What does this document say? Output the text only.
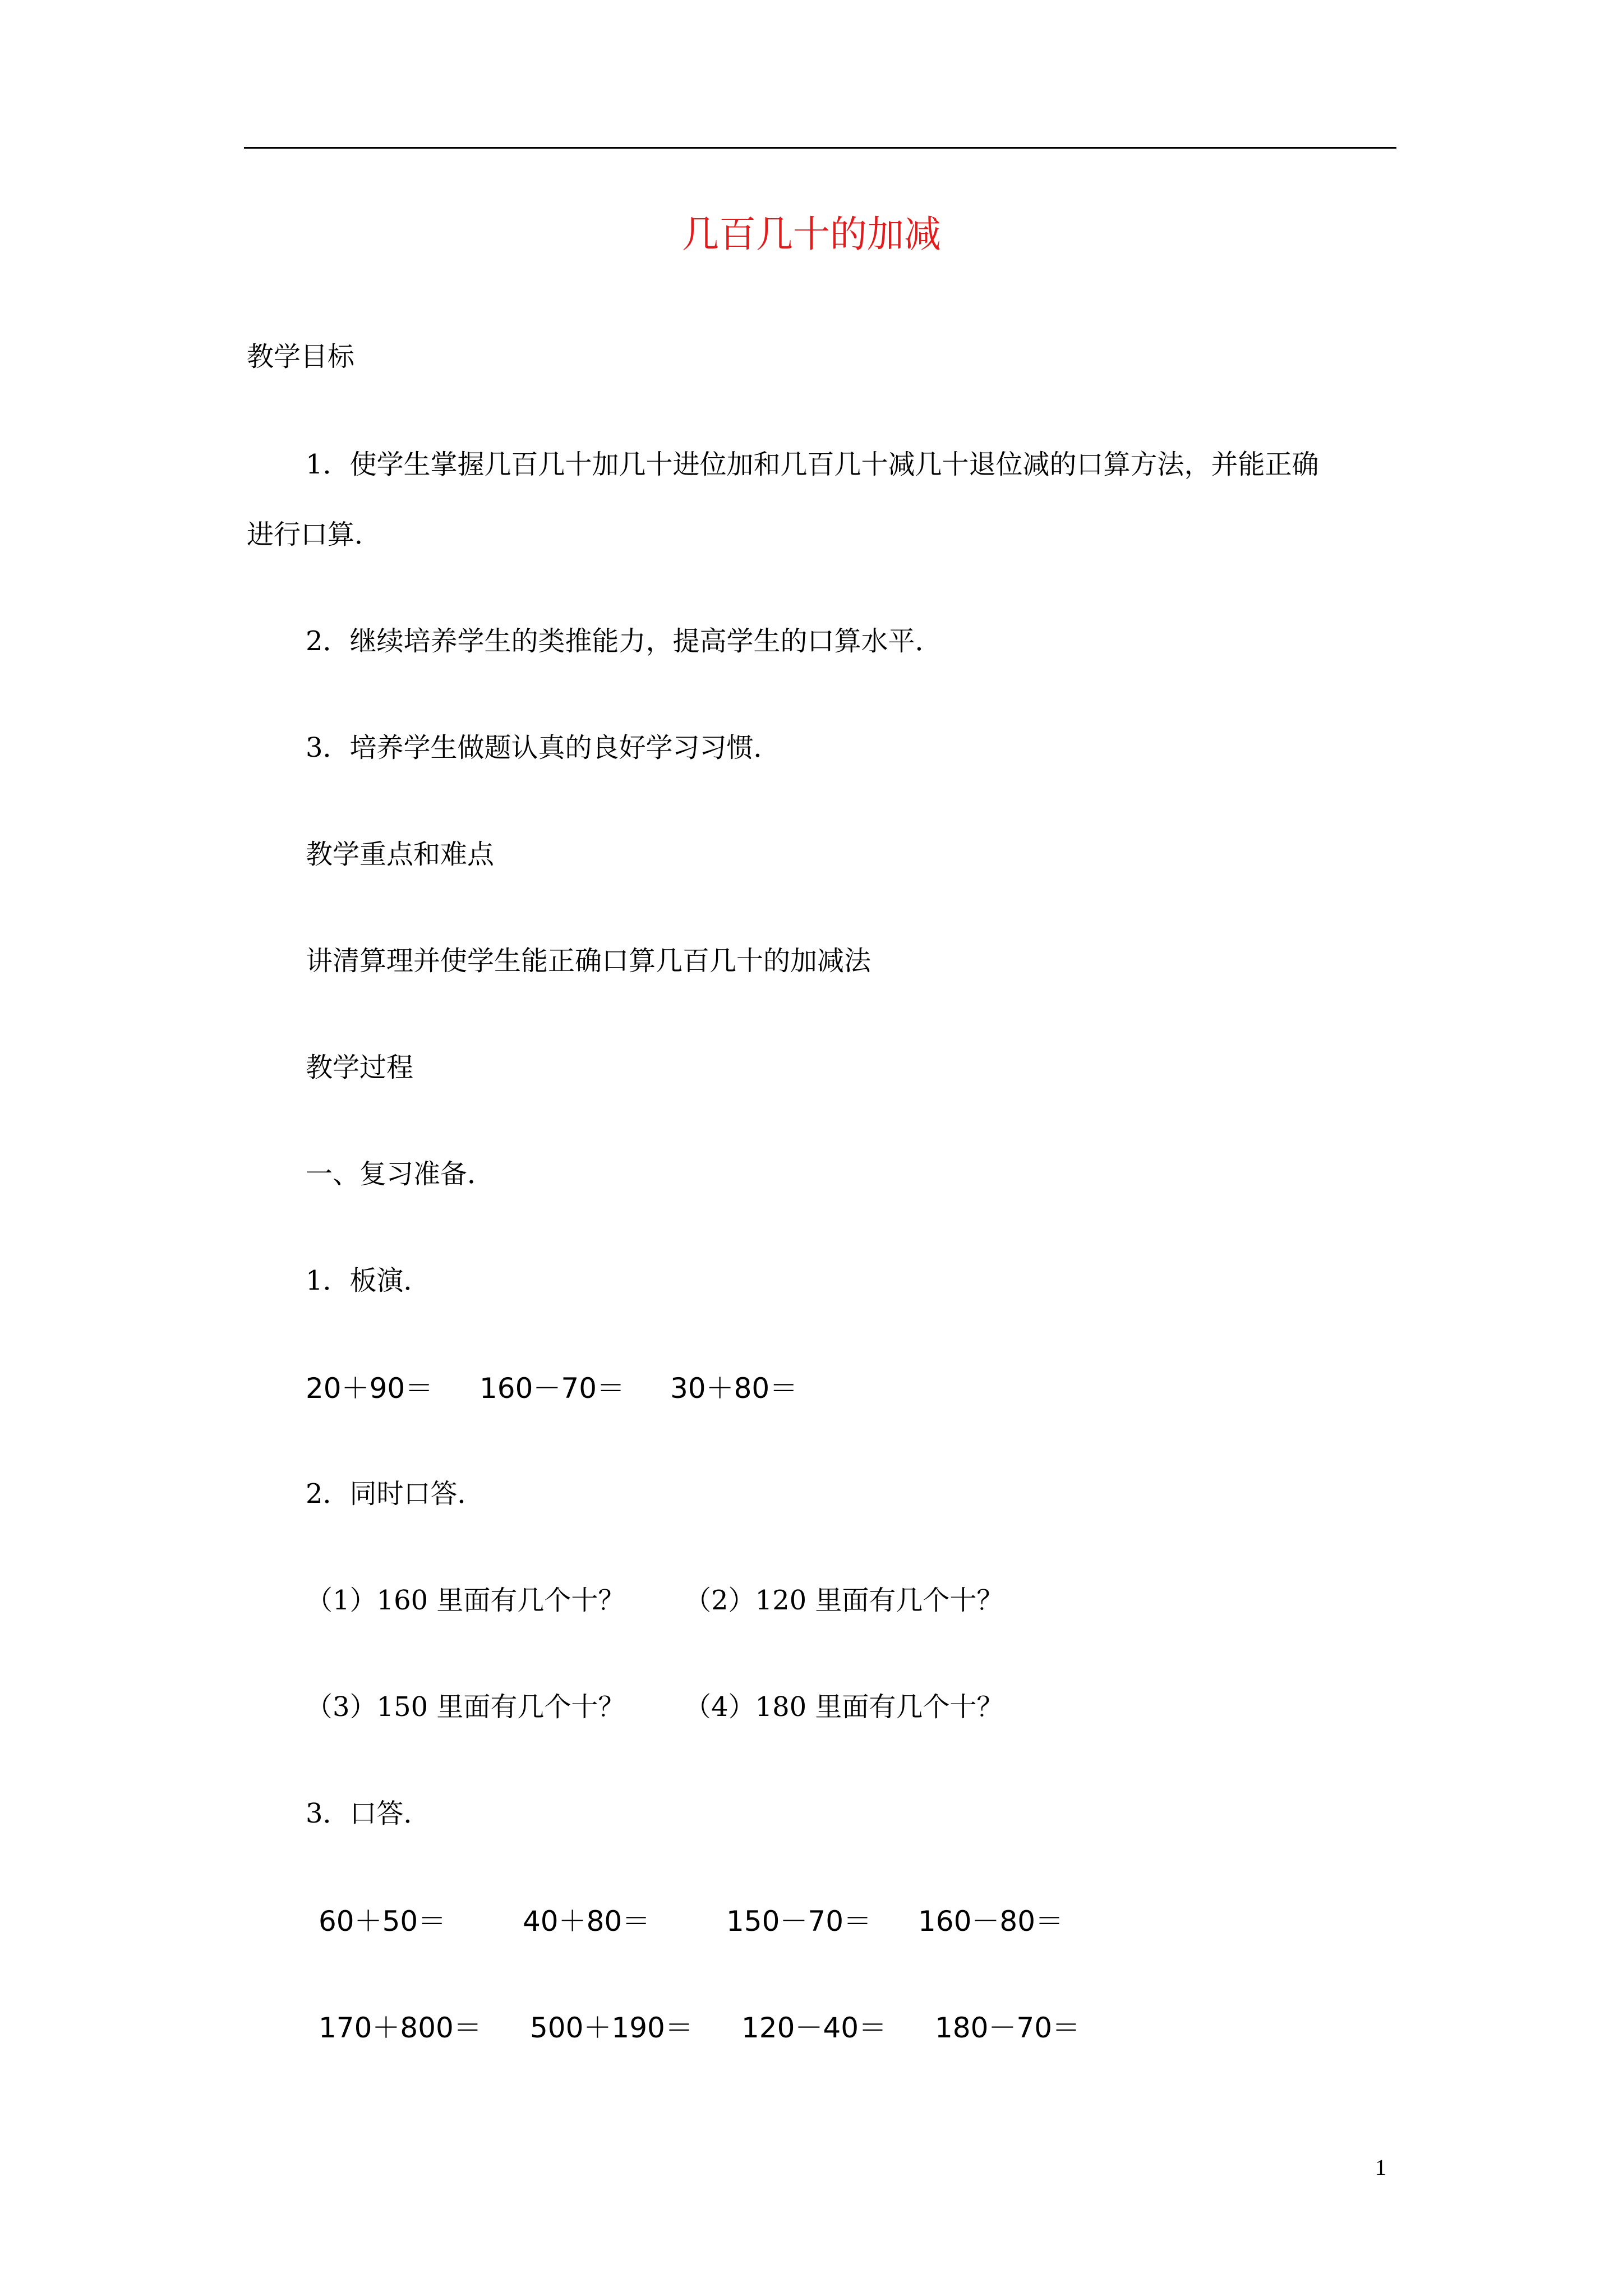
几百几十的加减
教学目标
1．使学生掌握几百几十加几十进位加和几百几十减几十退位减的口算方法，并能正确
进行口算．
2．继续培养学生的类推能力，提高学生的口算水平．
3．培养学生做题认真的良好学习习惯．
教学重点和难点
讲清算理并使学生能正确口算几百几十的加减法
教学过程
一、复习准备．
1．板演．
20＋90＝ 160－70＝ 30＋80＝
2．同时口答．
（1）160 里面有几个十？ （2）120 里面有几个十？
（3）150 里面有几个十？ （4）180 里面有几个十？
3．口答．
60＋50＝	40＋80＝	150－70＝ 160－80＝
170＋800＝ 500＋190＝ 120－40＝ 180－70＝
1
